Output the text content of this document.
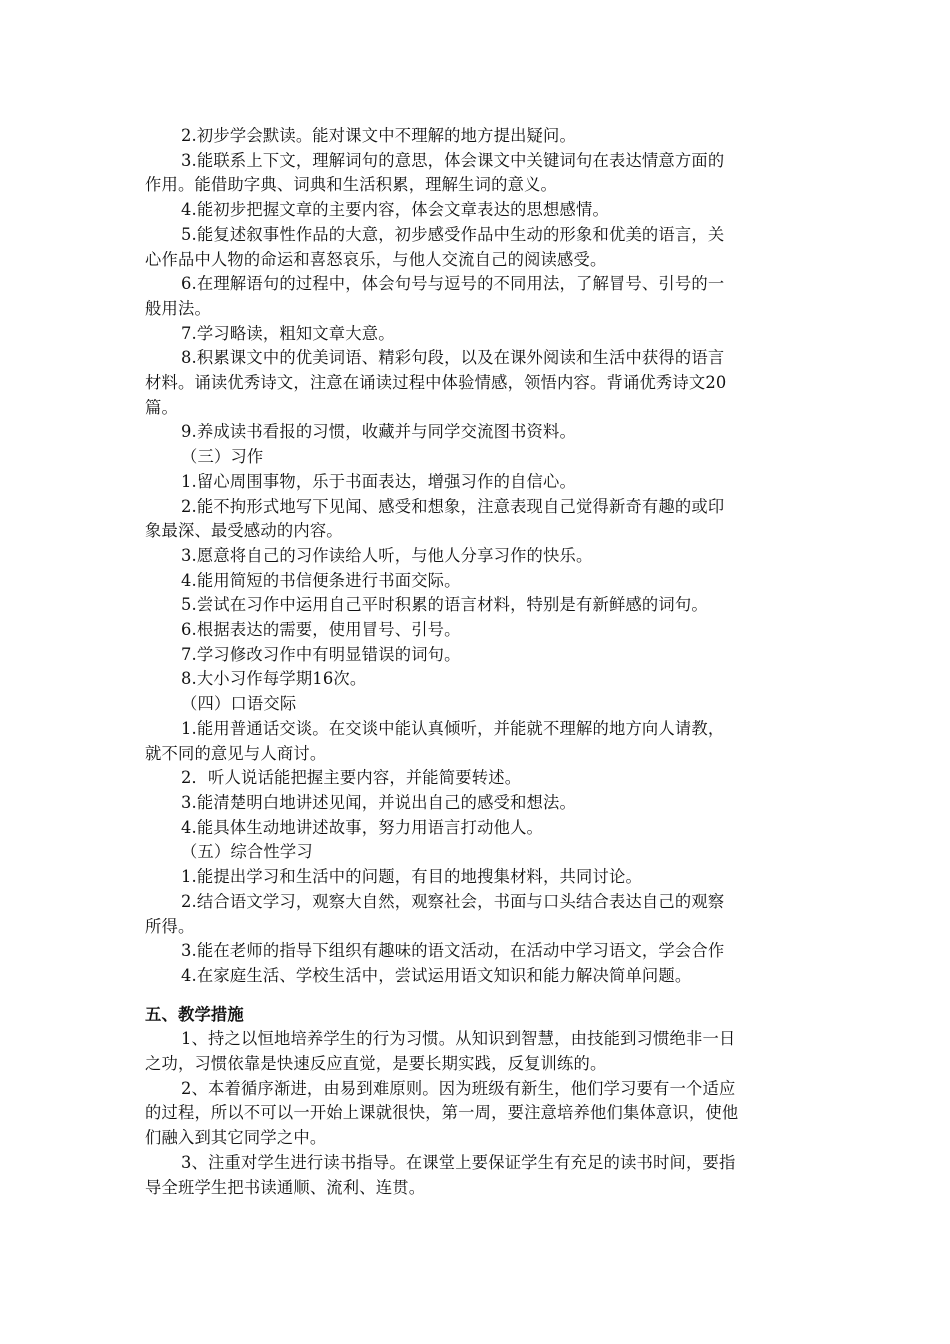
2.初步学会默读。能对课文中不理解的地方提出疑问。
3.能联系上下文，理解词句的意思，体会课文中关键词句在表达情意方面的
作用。能借助字典、词典和生活积累，理解生词的意义。
4.能初步把握文章的主要内容，体会文章表达的思想感情。
5.能复述叙事性作品的大意，初步感受作品中生动的形象和优美的语言，关
心作品中人物的命运和喜怒哀乐，与他人交流自己的阅读感受。
6.在理解语句的过程中，体会句号与逗号的不同用法，了解冒号、引号的一
般用法。
7.学习略读，粗知文章大意。
8.积累课文中的优美词语、精彩句段，以及在课外阅读和生活中获得的语言
材料。诵读优秀诗文，注意在诵读过程中体验情感，领悟内容。背诵优秀诗文20
篇。
9.养成读书看报的习惯，收藏并与同学交流图书资料。
（三）习作
1.留心周围事物，乐于书面表达，增强习作的自信心。
2.能不拘形式地写下见闻、感受和想象，注意表现自己觉得新奇有趣的或印
象最深、最受感动的内容。
3.愿意将自己的习作读给人听，与他人分享习作的快乐。
4.能用简短的书信便条进行书面交际。
5.尝试在习作中运用自己平时积累的语言材料，特别是有新鲜感的词句。
6.根据表达的需要，使用冒号、引号。
7.学习修改习作中有明显错误的词句。
8.大小习作每学期16次。
（四）口语交际
1.能用普通话交谈。在交谈中能认真倾听，并能就不理解的地方向人请教，
就不同的意见与人商讨。
2．听人说话能把握主要内容，并能简要转述。
3.能清楚明白地讲述见闻，并说出自己的感受和想法。
4.能具体生动地讲述故事，努力用语言打动他人。
（五）综合性学习
1.能提出学习和生活中的问题，有目的地搜集材料，共同讨论。
2.结合语文学习，观察大自然，观察社会，书面与口头结合表达自己的观察
所得。
3.能在老师的指导下组织有趣味的语文活动，在活动中学习语文，学会合作
4.在家庭生活、学校生活中，尝试运用语文知识和能力解决简单问题。
五、教学措施
1、持之以恒地培养学生的行为习惯。从知识到智慧，由技能到习惯绝非一日
之功，习惯依靠是快速反应直觉，是要长期实践，反复训练的。
2、本着循序渐进，由易到难原则。因为班级有新生，他们学习要有一个适应
的过程，所以不可以一开始上课就很快，第一周，要注意培养他们集体意识，使他
们融入到其它同学之中。
3、注重对学生进行读书指导。在课堂上要保证学生有充足的读书时间，要指
导全班学生把书读通顺、流利、连贯。
